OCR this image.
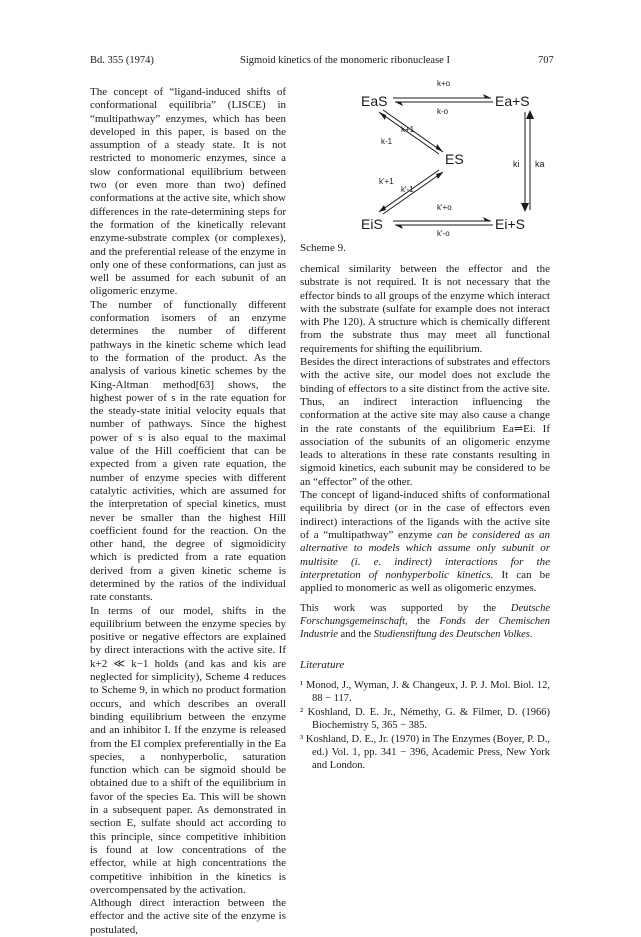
Bd. 355 (1974)	Sigmoid kinetics of the monomeric ribonuclease I	707

The concept of “ligand-induced shifts of conformational equilibria” (LISCE) in “multipathway” enzymes, which has been developed in this paper, is based on the assumption of a steady state. It is not restricted to monomeric enzymes, since a slow conformational equilibrium between two (or even more than two) defined conformations at the active site, which show differences in the rate-determining steps for the formation of the kinetically relevant enzyme-substrate complex (or complexes), and the preferential release of the enzyme in only one of these conformations, can just as well be assumed for each subunit of an oligomeric enzyme.

The number of functionally different conformation isomers of an enzyme determines the number of different pathways in the kinetic scheme which lead to the formation of the product. As the analysis of various kinetic schemes by the King-Altman method[63] shows, the highest power of s in the rate equation for the steady-state initial velocity equals that number of pathways. Since the highest power of s is also equal to the maximal value of the Hill coefficient that can be expected from a given rate equation, the number of enzyme species with different catalytic activities, which are assumed for the interpretation of special kinetics, must never be smaller than the highest Hill coefficient found for the reaction. On the other hand, the degree of sigmoidicity which is predicted from a rate equation derived from a given kinetic scheme is determined by the ratios of the individual rate constants.

In terms of our model, shifts in the equilibrium between the enzyme species by positive or negative effectors are explained by direct interactions with the active site. If k+2 ≪ k−1 holds (and kas and kis are neglected for simplicity), Scheme 4 reduces to Scheme 9, in which no product formation occurs, and which describes an overall binding equilibrium between the enzyme and an inhibitor I. If the enzyme is released from the EI complex preferentially in the Ea species, a nonhyperbolic, saturation function which can be sigmoid should be obtained due to a shift of the equilibrium in favor of the species Ea. This will be shown in a subsequent paper. As demonstrated in section E, sulfate should act according to this principle, since competitive inhibition is found at low concentrations of the effector, while at high concentrations the competitive inhibition in the kinetics is overcompensated by the activation.

Although direct interaction between the effector and the active site of the enzyme is postulated,

EaS	Ea+S
ES
EiS	Ei+S
k+o
k-o
k+1
k-1
k'+1
k'-1
k'+o
k'-o
ki ka
Scheme 9.

chemical similarity between the effector and the substrate is not required. It is not necessary that the effector binds to all groups of the enzyme which interact with the substrate (sulfate for example does not interact with Phe 120). A structure which is chemically different from the substrate thus may meet all functional requirements for shifting the equilibrium.

Besides the direct interactions of substrates and effectors with the active site, our model does not exclude the binding of effectors to a site distinct from the active site. Thus, an indirect interaction influencing the conformation at the active site may also cause a change in the rate constants of the equilibrium Ea⇌Ei. If association of the subunits of an oligomeric enzyme leads to alterations in these rate constants resulting in sigmoid kinetics, each subunit may be considered to be an “effector” of the other.

The concept of ligand-induced shifts of conformational equilibria by direct (or in the case of effectors even indirect) interactions of the ligands with the active site of a “multipathway” enzyme can be considered as an alternative to models which assume only subunit or multisite (i. e. indirect) interactions for the interpretation of nonhyperbolic kinetics. It can be applied to monomeric as well as oligomeric enzymes.

This work was supported by the Deutsche Forschungsgemeinschaft, the Fonds der Chemischen Industrie and the Studienstiftung des Deutschen Volkes.

Literature

¹ Monod, J., Wyman, J. & Changeux, J. P. J. Mol. Biol. 12, 88 − 117.

² Koshland, D. E. Jr., Némethy, G. & Filmer, D. (1966) Biochemistry 5, 365 − 385.

³ Koshland, D. E., Jr. (1970) in The Enzymes (Boyer, P. D., ed.) Vol. 1, pp. 341 − 396, Academic Press, New York and London.
